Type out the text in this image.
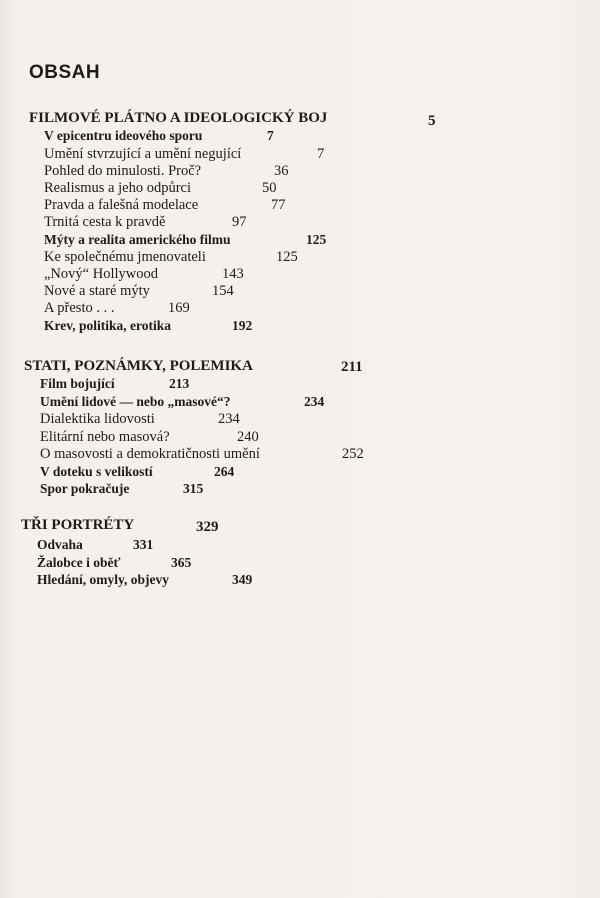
OBSAH
FILMOVÉ PLÁTNO A IDEOLOGICKÝ BOJ	5
V epicentru ideového sporu	7
Umění stvrzující a umění negující	7
Pohled do minulosti. Proč?	36
Realismus a jeho odpůrci	50
Pravda a falešná modelace	77
Trnitá cesta k pravdě	97
Mýty a realita amerického filmu	125
Ke společnému jmenovateli	125
„Nový“ Hollywood	143
Nové a staré mýty	154
A přesto . . .	169
Krev, politika, erotika	192
STATI, POZNÁMKY, POLEMIKA	211
Film bojující	213
Umění lidové — nebo „masové“?	234
Dialektika lidovosti	234
Elitární nebo masová?	240
O masovosti a demokratičnosti umění	252
V doteku s velikostí	264
Spor pokračuje	315
TŘI PORTRÉTY	329
Odvaha	331
Žalobce i oběť	365
Hledání, omyly, objevy	349
